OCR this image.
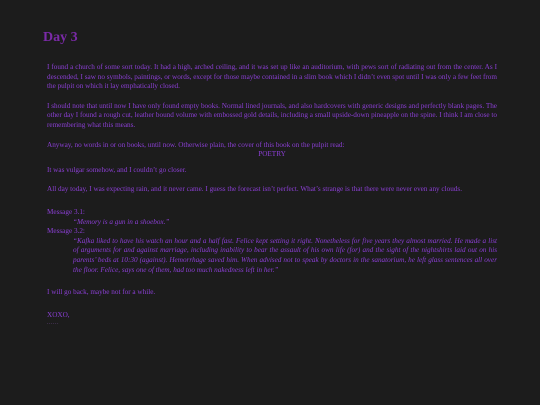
Day 3

I found a church of some sort today. It had a high, arched ceiling, and it was set up like an auditorium, with pews sort of radiating out from the center. As I descended, I saw no symbols, paintings, or words, except for those maybe contained in a slim book which I didn’t even spot until I was only a few feet from the pulpit on which it lay emphatically closed.

I should note that until now I have only found empty books. Normal lined journals, and also hardcovers with generic designs and perfectly blank pages. The other day I found a rough cut, leather bound volume with embossed gold details, including a small upside-down pineapple on the spine. I think I am close to remembering what this means.

Anyway, no words in or on books, until now. Otherwise plain, the cover of this book on the pulpit read:

POETRY

It was vulgar somehow, and I couldn’t go closer.

All day today, I was expecting rain, and it never came. I guess the forecast isn’t perfect. What’s strange is that there were never even any clouds.

Message 3.1:

“Memory is a gun in a shoebox.”

Message 3.2:

“Kafka liked to have his watch an hour and a half fast. Felice kept setting it right. Nonetheless for five years they almost married. He made a list of arguments for and against marriage, including inability to bear the assault of his own life (for) and the sight of the nightshirts laid out on his parents’ beds at 10:30 (against). Hemorrhage saved him. When advised not to speak by doctors in the sanatorium, he left glass sentences all over the floor. Felice, says one of them, had too much nakedness left in her.”

I will go back, maybe not for a while.

XOXO,

......
